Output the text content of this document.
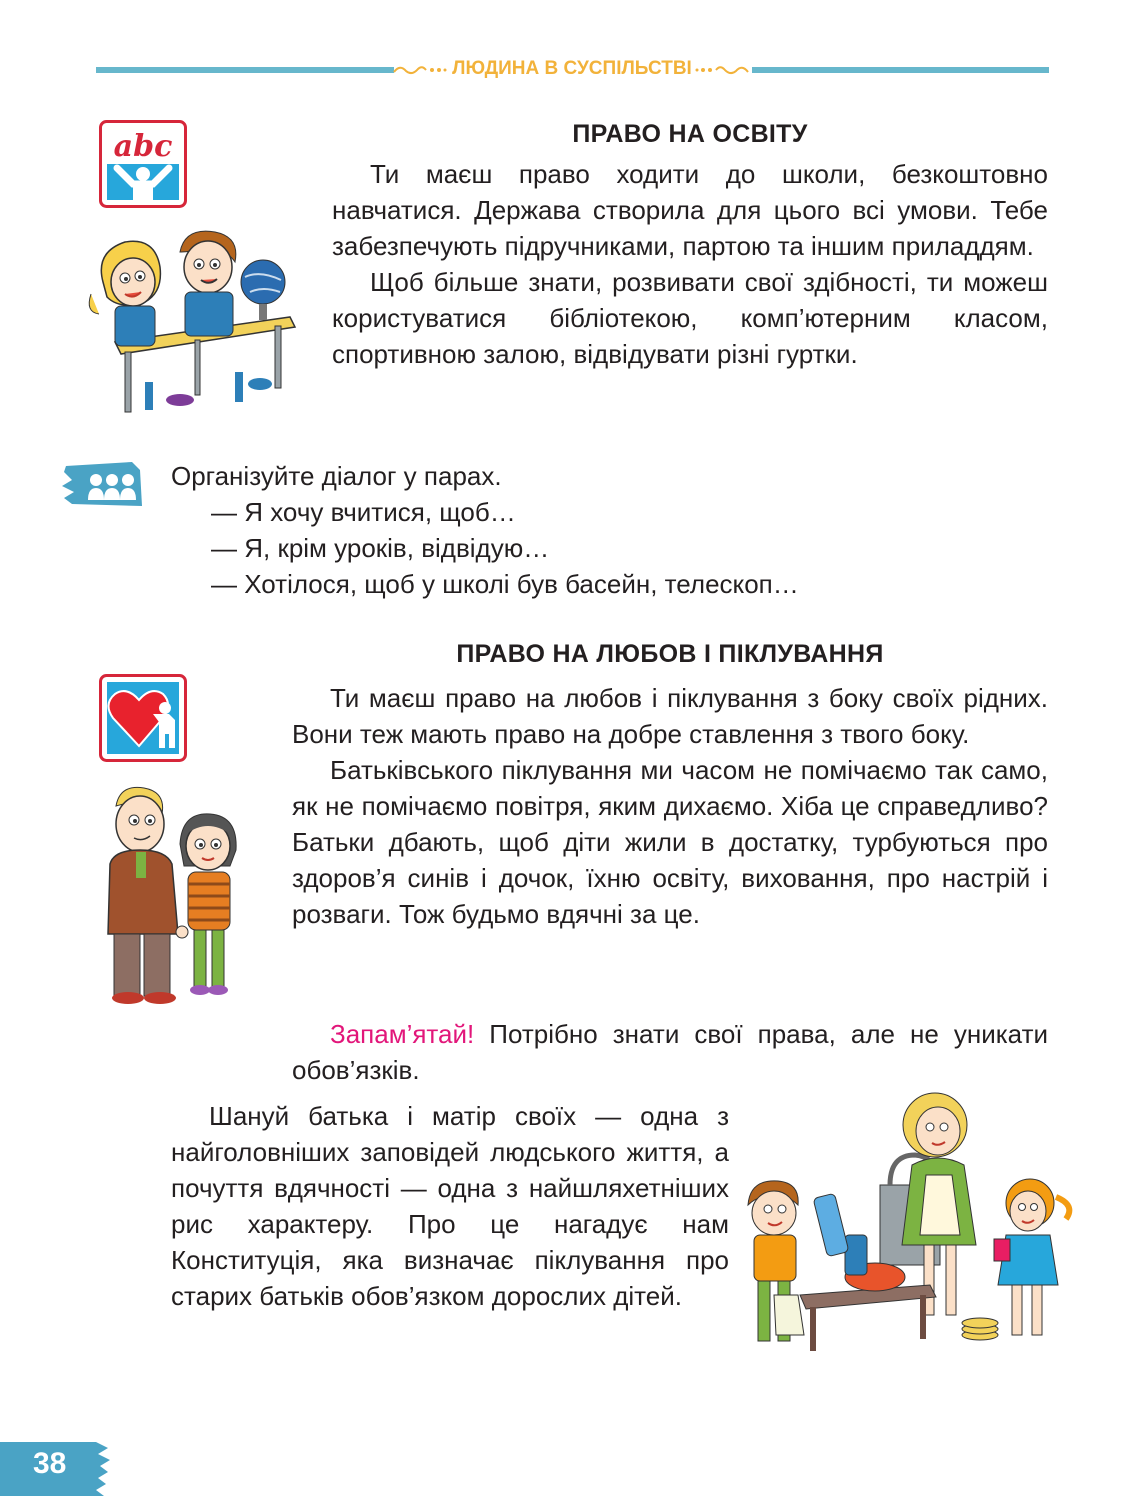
ЛЮДИНА В СУСПІЛЬСТВІ
abc	ПРАВО НА ОСВІТУ

Ти маєш право ходити до школи, безкоштовно навчатися. Держава створила для цього всі умови. Тебе забезпечують підручниками, партою та іншим приладдям.

Щоб більше знати, розвивати свої здібності, ти можеш користуватися бібліотекою, комп’ютерним класом, спортивною залою, відвідувати різні гуртки.

Організуйте діалог у парах.
— Я хочу вчитися, щоб…
— Я, крім уроків, відвідую…
— Хотілося, щоб у школі був басейн, телескоп…
ПРАВО НА ЛЮБОВ І ПІКЛУВАННЯ

Ти маєш право на любов і піклування з боку своїх рідних. Вони теж мають право на добре ставлення з твого боку.

Батьківського піклування ми часом не помічаємо так само, як не помічаємо повітря, яким дихаємо. Хіба це справедливо? Батьки дбають, щоб діти жили в достатку, турбуються про здоров’я синів і дочок, їхню освіту, виховання, про настрій і розваги. Тож будьмо вдячні за це.

Запам’ятай! Потрібно знати свої права, але не уникати обов’язків.

Шануй батька і матір своїх — одна з найголовніших заповідей людського життя, а почуття вдячності — одна з найшляхетніших рис характеру. Про це нагадує нам Конституція, яка визначає піклування про старих батьків обов’язком дорослих дітей.

38
